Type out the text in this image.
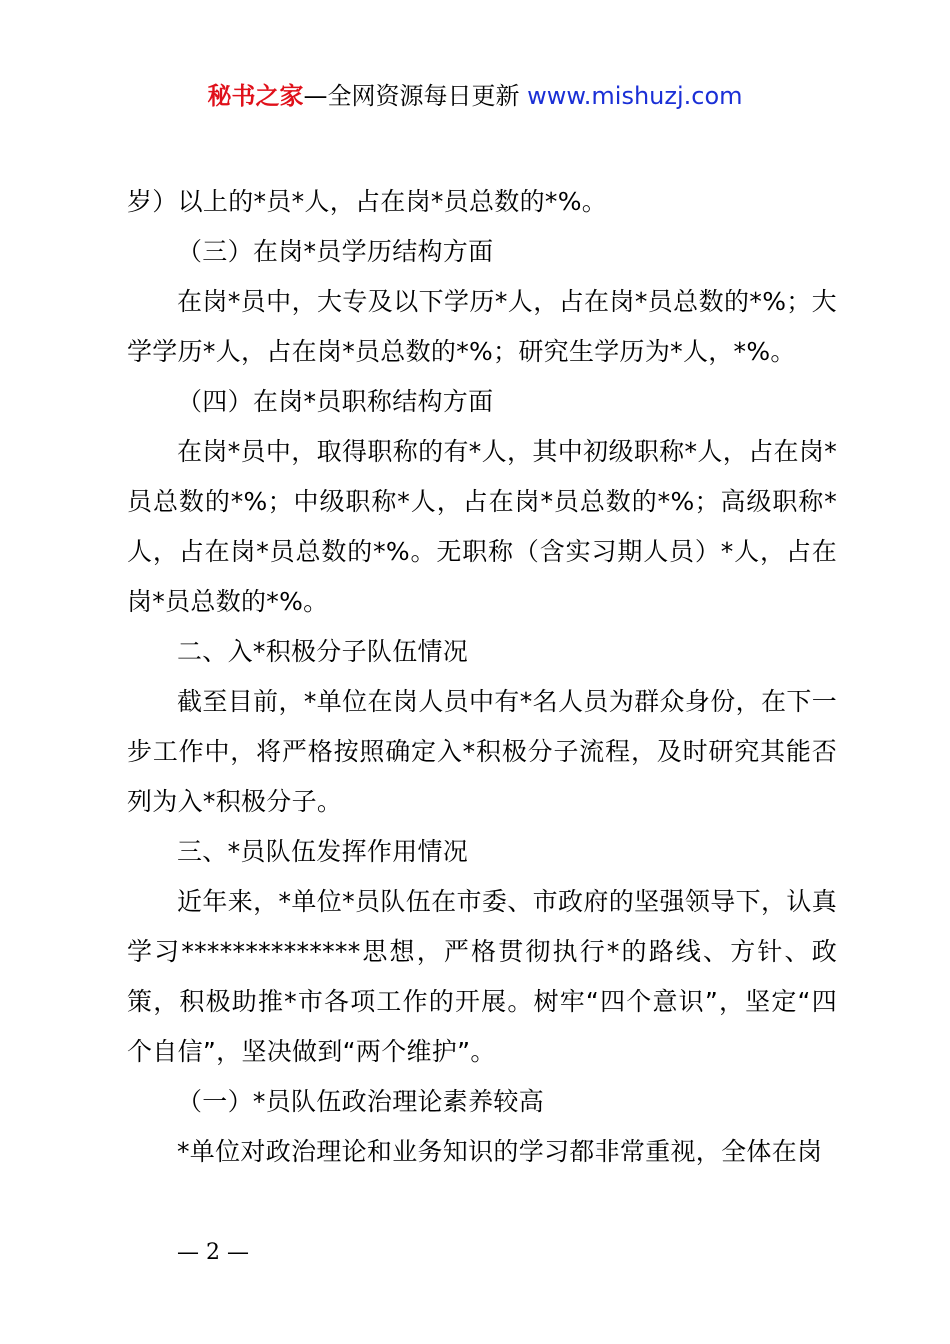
秘书之家—全网资源每日更新 www.mishuzj.com

岁）以上的*员*人，占在岗*员总数的*%。

（三）在岗*员学历结构方面

在岗*员中，大专及以下学历*人，占在岗*员总数的*%；大学学历*人，占在岗*员总数的*%；研究生学历为*人，*%。

（四）在岗*员职称结构方面

在岗*员中，取得职称的有*人，其中初级职称*人，占在岗*员总数的*%；中级职称*人，占在岗*员总数的*%；高级职称*人，占在岗*员总数的*%。无职称（含实习期人员）*人，占在岗*员总数的*%。

二、入*积极分子队伍情况

截至目前，*单位在岗人员中有*名人员为群众身份，在下一步工作中，将严格按照确定入*积极分子流程，及时研究其能否列为入*积极分子。

三、*员队伍发挥作用情况

近年来，*单位*员队伍在市委、市政府的坚强领导下，认真学习**************思想，严格贯彻执行*的路线、方针、政策，积极助推*市各项工作的开展。树牢“四个意识”，坚定“四个自信”，坚决做到“两个维护”。

（一）*员队伍政治理论素养较高

*单位对政治理论和业务知识的学习都非常重视，全体在岗

— 2 —
